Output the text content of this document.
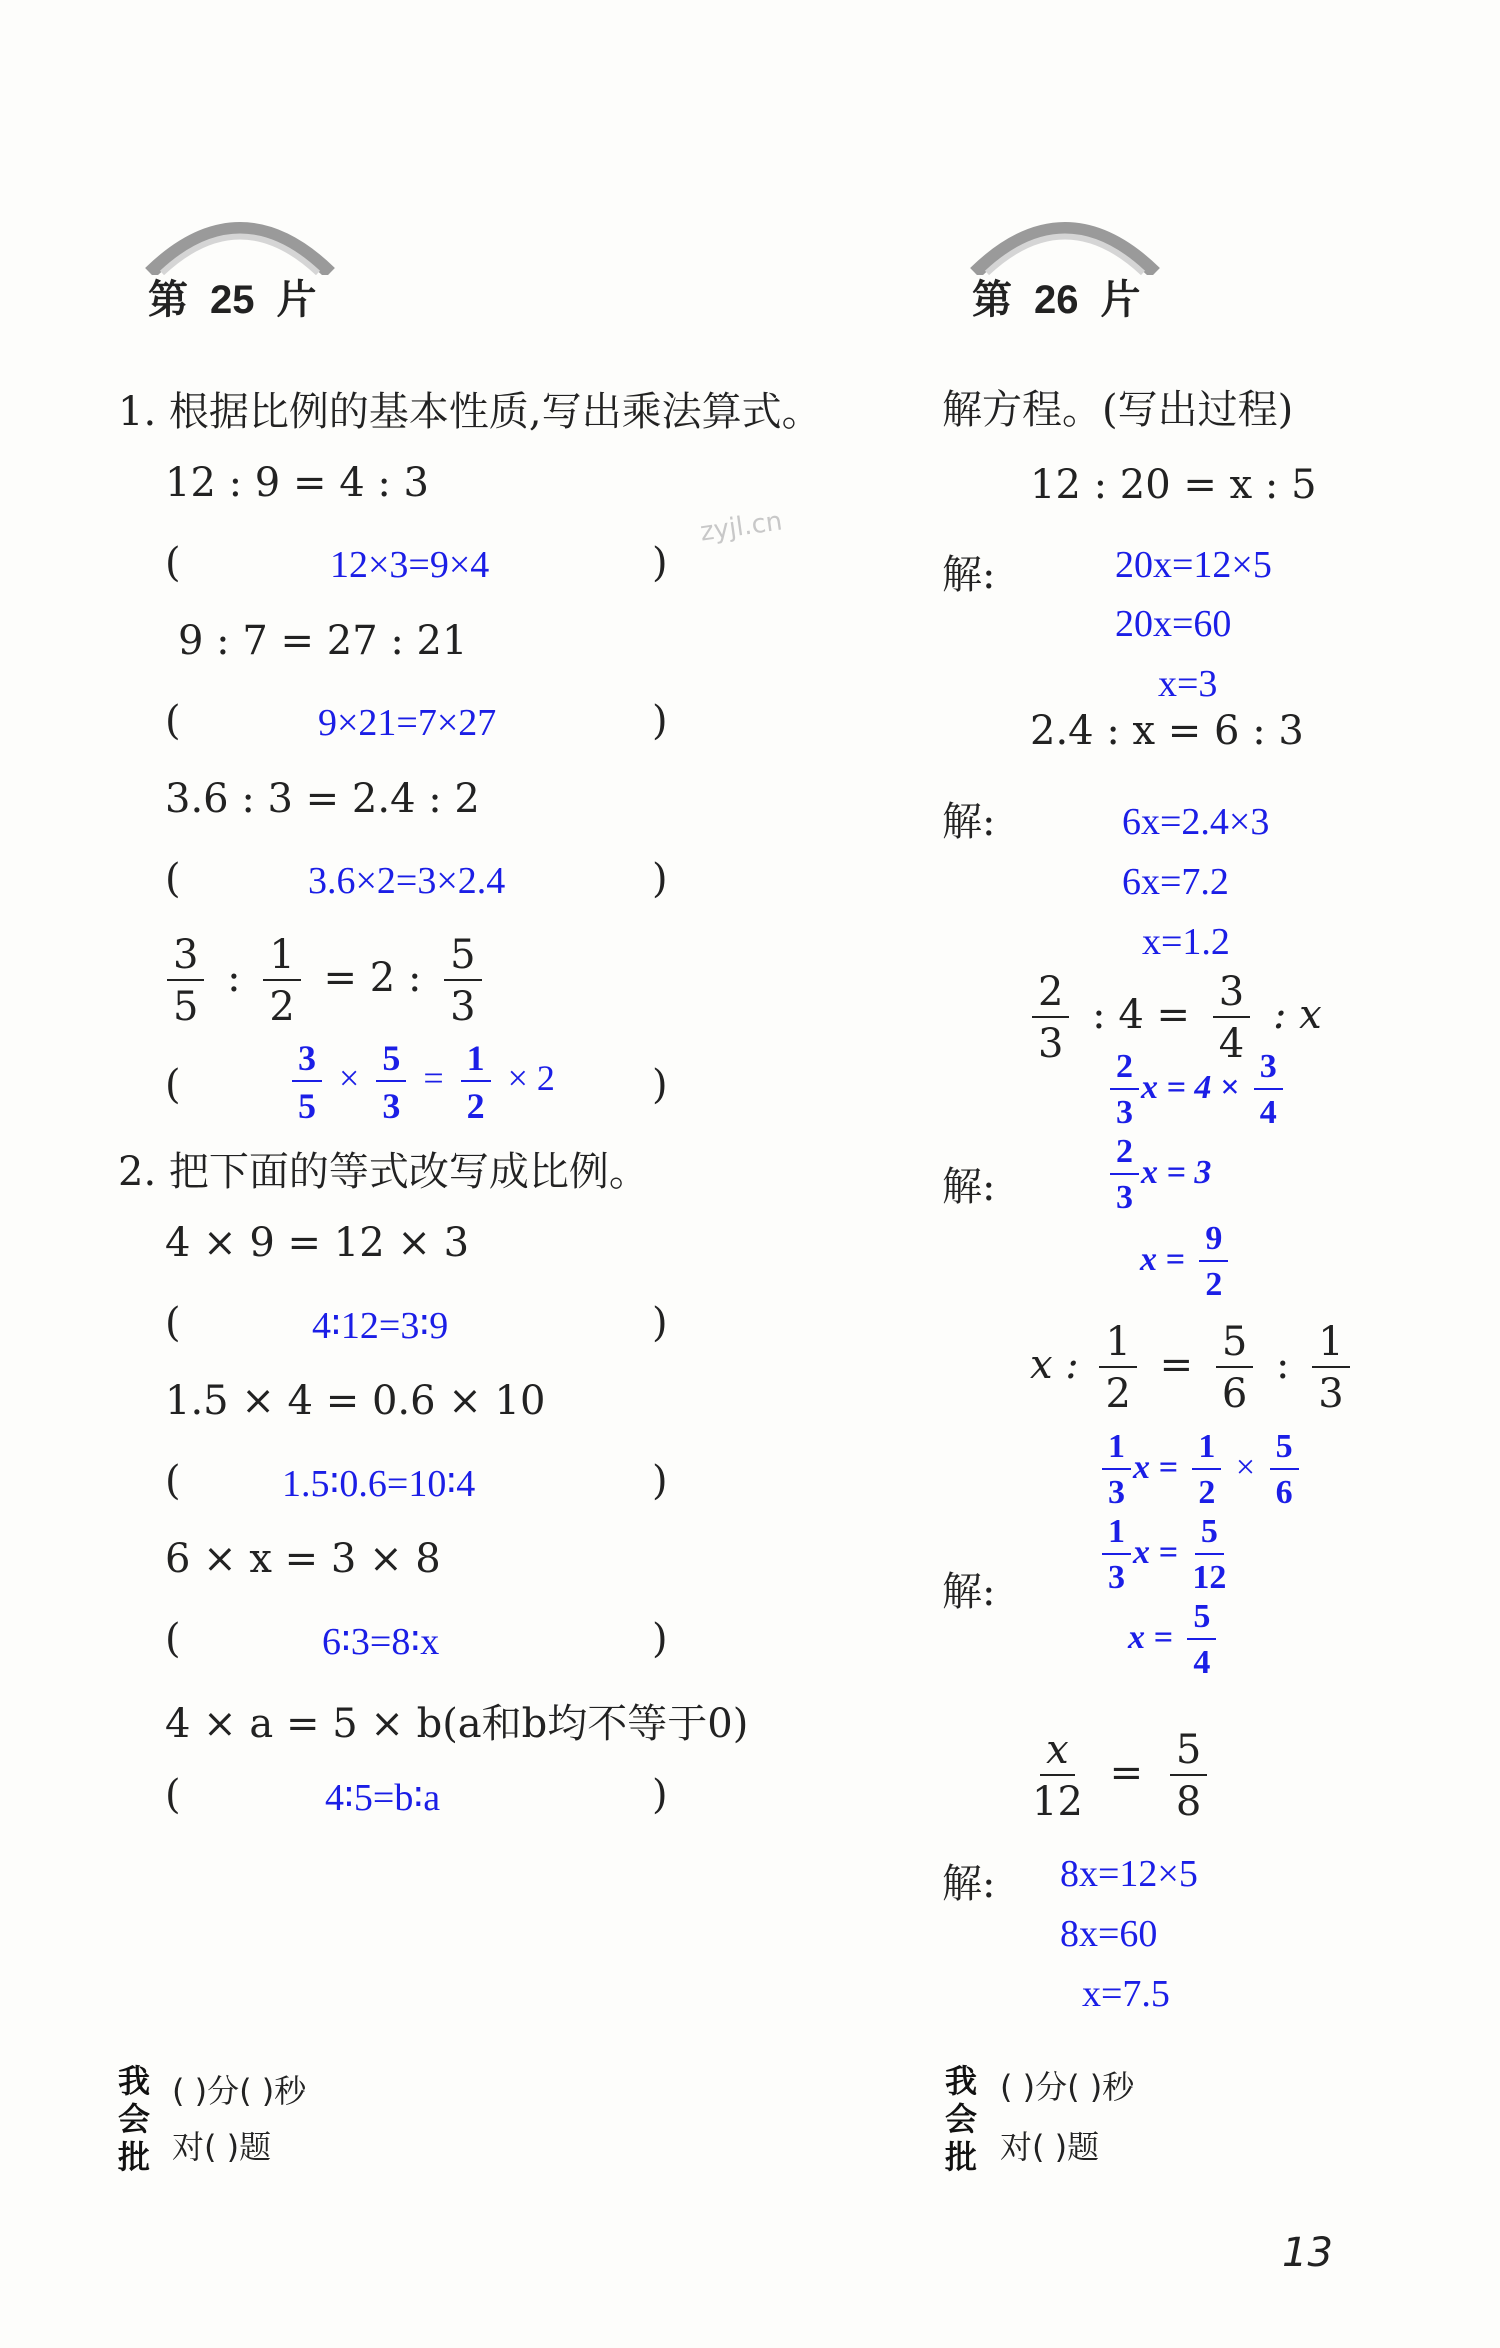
第 25 片
1. 根据比例的基本性质,写出乘法算式。
12 : 9 = 4 : 3
(	12×3=9×4	)
9 : 7 = 27 : 21
(	9×21=7×27	)
3.6 : 3 = 2.4 : 2
(	3.6×2=3×2.4	)
$\frac{3}{5}$ : $\frac{1}{2} = 2$ : $\frac{5}{3}$
(	$\frac{3}{5} \times \frac{5}{3} = \frac{1}{2} \times 2$ )
2. 把下面的等式改写成比例。
4 × 9 = 12 × 3
(	4∶12=3∶9	)
1.5 × 4 = 0.6 × 10
(	1.5∶0.6=10∶4	)
6 × x = 3 × 8
(	6∶3=8∶x	)
4 × a = 5 × b(a和b均不等于0)
(	4∶5=b∶a	)
我会批
( )分( )秒
对( )题
zyjl.cn
第 26 片
解方程。(写出过程)
12 : 20 = x : 5
解:	20x=12×5
20x=60
x=3
2.4 : x = 6 : 3
解:	6x=2.4×3
6x=7.2
x=1.2
$\frac{2}{3}$ : $4 = \frac{3}{4}$ : x
$\frac{2}{3}$ $x = 4 \times \frac{3}{4}$
解:	$\frac{2}{3}$ x = 3
$x = \frac{9}{2}$
x : $\frac{1}{2} = \frac{5}{6}$ : $\frac{1}{3}$
$\frac{1}{3}$ $x = \frac{1}{2} \times \frac{5}{6}$
解:	$\frac{1}{3}$ $x = \frac{5}{12}$
$x = \frac{5}{4}$
$\frac{x}{12} = \frac{5}{8}$
解: 8x=12×5
8x=60
x=7.5
我会批
( )分( )秒
对( )题
13
